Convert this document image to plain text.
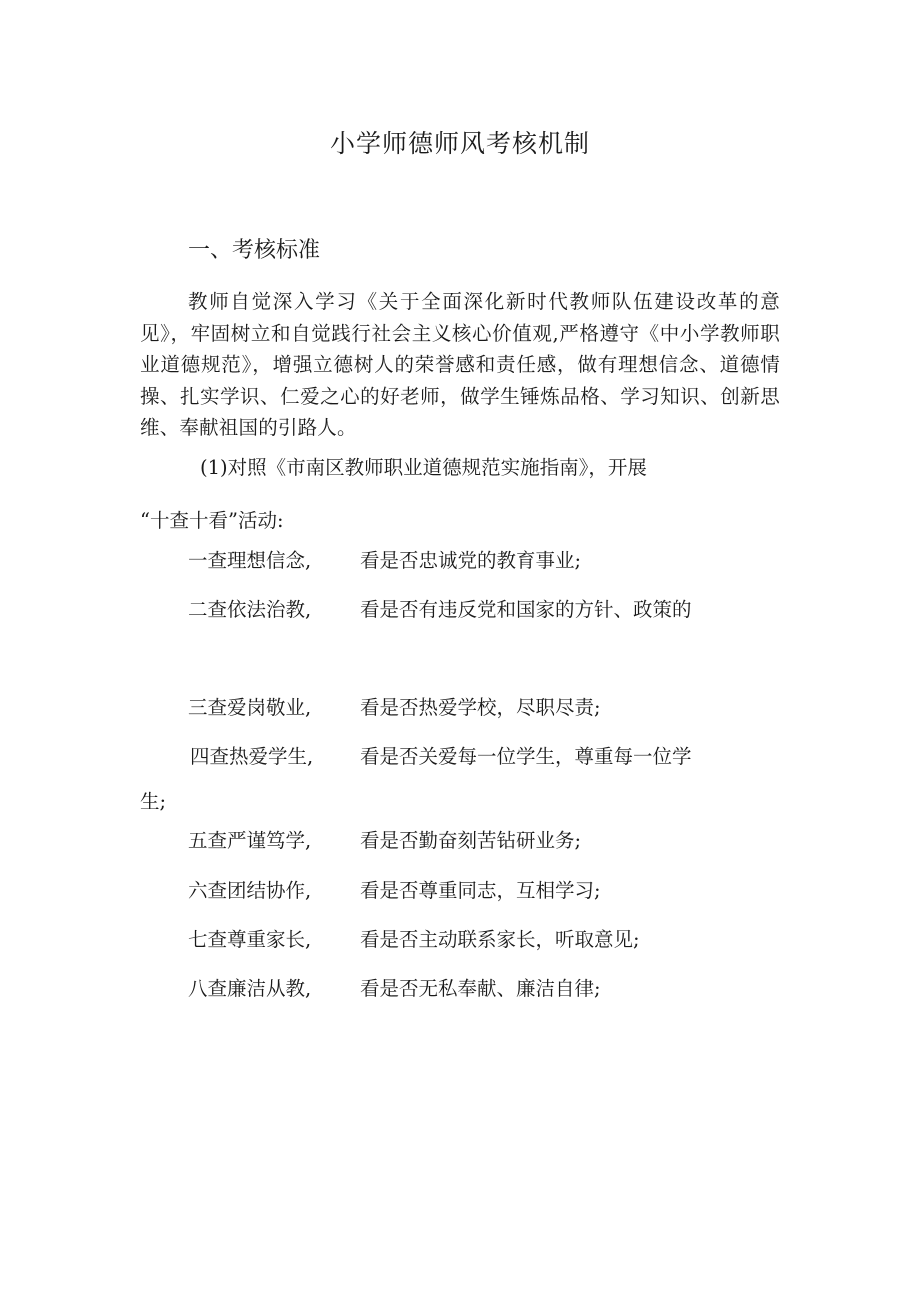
小学师德师风考核机制
一、考核标准

教师自觉深入学习《关于全面深化新时代教师队伍建设改革的意见》，牢固树立和自觉践行社会主义核心价值观,严格遵守《中小学教师职业道德规范》，增强立德树人的荣誉感和责任感，做有理想信念、道德情操、扎实学识、仁爱之心的好老师，做学生锤炼品格、学习知识、创新思维、奉献祖国的引路人。

(1)对照《市南区教师职业道德规范实施指南》，开展

“十查十看”活动:

一查理想信念,	看是否忠诚党的教育事业;
二查依法治教,	看是否有违反党和国家的方针、政策的
三查爱岗敬业,	看是否热爱学校，尽职尽责;
四查热爱学生, 看是否关爱每一位学生，尊重每一位学

生;

五查严谨笃学,	看是否勤奋刻苦钻研业务;
六查团结协作,	看是否尊重同志，互相学习;
七查尊重家长,	看是否主动联系家长，听取意见;
八查廉洁从教,	看是否无私奉献、廉洁自律;
